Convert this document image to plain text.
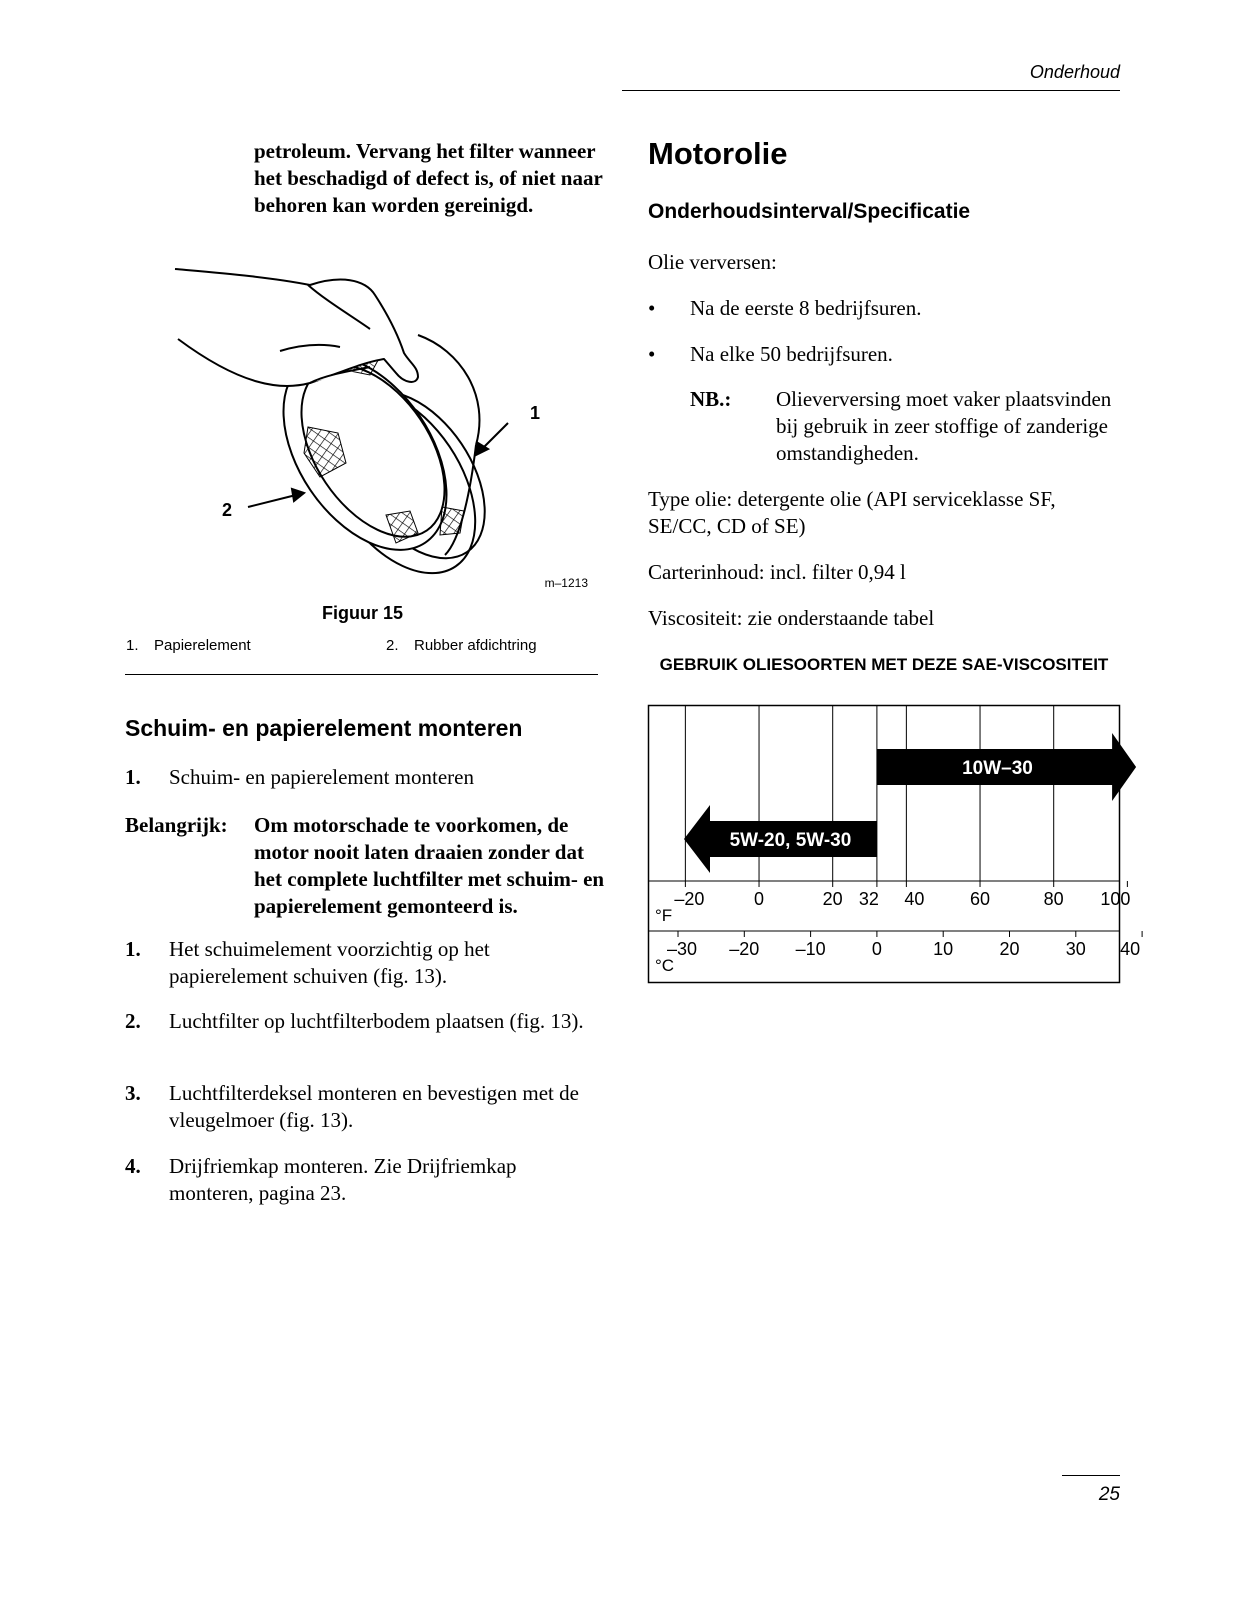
Onderhoud
petroleum. Vervang het filter wanneer het beschadigd of defect is, of niet naar behoren kan worden gereinigd.
1
2
m–1213
Figuur 15
1. Papierelement	2. Rubber afdichtring
Schuim- en papierelement monteren
1. Schuim- en papierelement monteren
Belangrijk: Om motorschade te voorkomen, de motor nooit laten draaien zonder dat het complete luchtfilter met schuim- en papierelement gemonteerd is.
1. Het schuimelement voorzichtig op het papierelement schuiven (fig. 13).
2. Luchtfilter op luchtfilterbodem plaatsen (fig. 13).
3. Luchtfilterdeksel monteren en bevestigen met de vleugelmoer (fig. 13).
4. Drijfriemkap monteren. Zie Drijfriemkap monteren, pagina 23.
Motorolie
Onderhoudsinterval/Specificatie
Olie verversen:
• Na de eerste 8 bedrijfsuren.
• Na elke 50 bedrijfsuren.
NB.: Olieverversing moet vaker plaatsvinden bij gebruik in zeer stoffige of zanderige omstandigheden.
Type olie: detergente olie (API serviceklasse SF, SE/CC, CD of SE)
Carterinhoud: incl. filter 0,94 l
Viscositeit: zie onderstaande tabel
GEBRUIK OLIESOORTEN MET DEZE SAE-VISCOSITEIT
10W–30
5W-20, 5W-30
–20	0	20 32 40	60	80 100
°F
–30 –20 –10	0	10	20	30 40
°C
25
